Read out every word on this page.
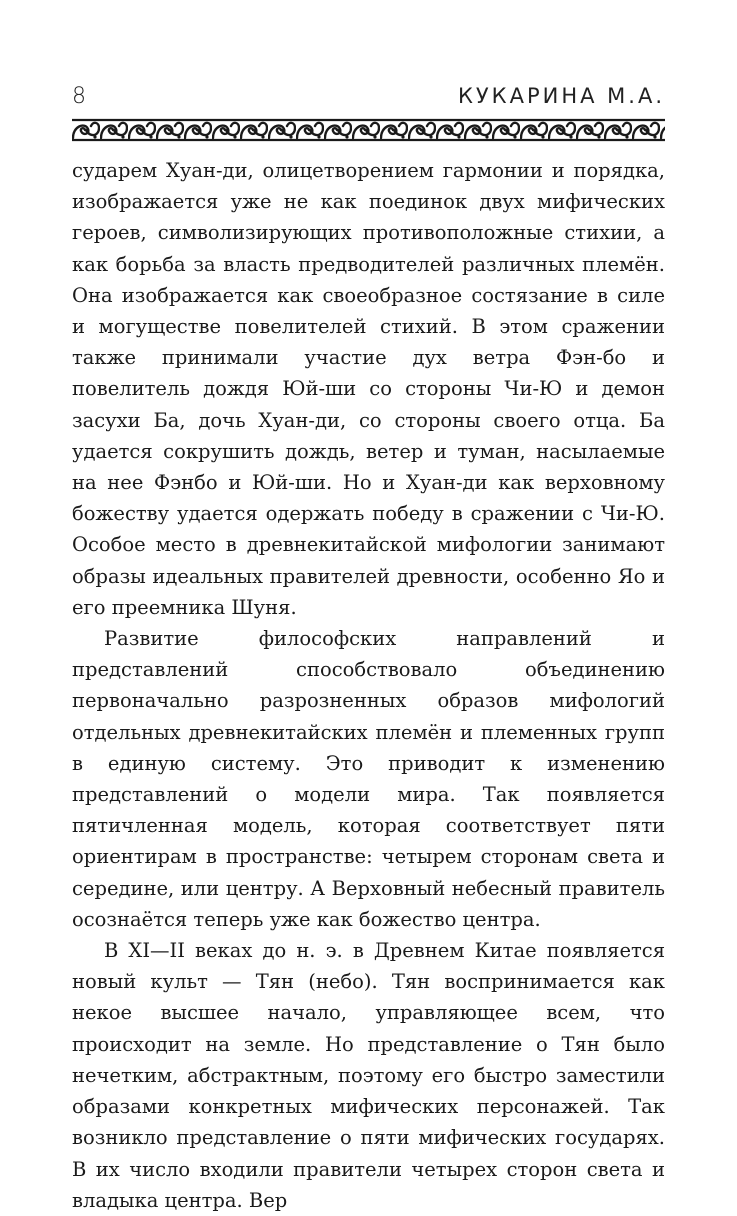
8	КУКАРИНА М.А.

сударем Хуан-ди, олицетворением гармонии и порядка, изображается уже не как поединок двух мифических героев, символизирующих противоположные стихии, а как борьба за власть предводителей различных племён. Она изображается как своеобразное состязание в силе и могуществе повелителей стихий. В этом сражении также принимали участие дух ветра Фэн-бо и повелитель дождя Юй-ши со стороны Чи-Ю и демон засухи Ба, дочь Хуан-ди, со стороны своего отца. Ба удается сокрушить дождь, ветер и туман, насылаемые на нее Фэнбо и Юй-ши. Но и Хуан-ди как верховному божеству удается одержать победу в сражении с Чи-Ю. Особое место в древнекитайской мифологии занимают образы идеальных правителей древности, особенно Яо и его преемника Шуня.

Развитие философских направлений и представлений способствовало объединению первоначально разрозненных образов мифологий отдельных древнекитайских племён и племенных групп в единую систему. Это приводит к изменению представлений о модели мира. Так появляется пятичленная модель, которая соответствует пяти ориентирам в пространстве: четырем сторонам света и середине, или центру. А Верховный небесный правитель осознаётся теперь уже как божество центра.

В XI—II веках до н. э. в Древнем Китае появляется новый культ — Тян (небо). Тян воспринимается как некое высшее начало, управляющее всем, что происходит на земле. Но представление о Тян было нечетким, абстрактным, поэтому его быстро заместили образами конкретных мифических персонажей. Так возникло представление о пяти мифических государях. В их число входили правители четырех сторон света и владыка центра. Вер
